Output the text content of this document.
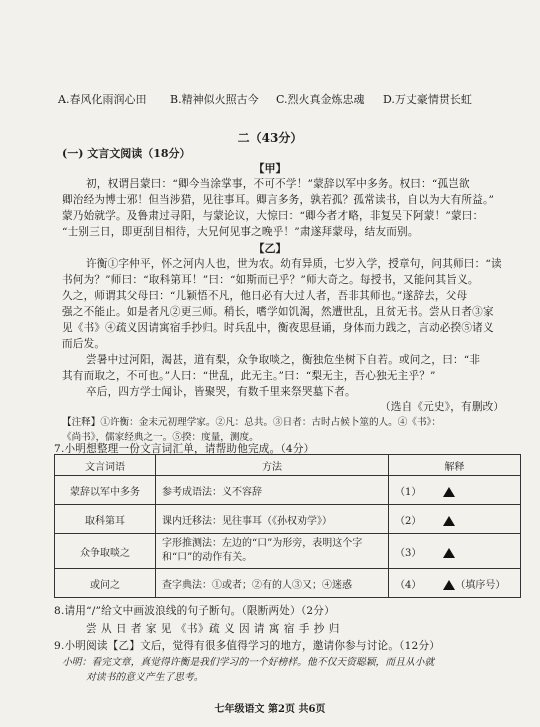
A.春风化雨润心田 B.精神似火照古今 C.烈火真金炼忠魂 D.万丈豪情贯长虹
二（43分）
(一) 文言文阅读（18分）
【甲】
初，权谓吕蒙曰：“卿今当涂掌事，不可不学！”蒙辞以军中多务。权曰：“孤岂欲
卿治经为博士邪！但当涉猎，见往事耳。卿言多务，孰若孤？孤常读书，自以为大有所益。”
蒙乃始就学。及鲁肃过寻阳，与蒙论议，大惊曰：“卿今者才略，非复吴下阿蒙！”蒙曰：
“士别三日，即更刮目相待，大兄何见事之晚乎！”肃遂拜蒙母，结友而别。
【乙】
许衡①字仲平，怀之河内人也，世为农。幼有异质，七岁入学，授章句，问其师曰：“读
书何为？”师曰：“取科第耳！”曰：“如斯而已乎？”师大奇之。每授书，又能问其旨义。
久之，师谓其父母曰：“儿颖悟不凡，他日必有大过人者，吾非其师也。”遂辞去，父母
强之不能止。如是者凡②更三师。稍长，嗜学如饥渴，然遭世乱，且贫无书。尝从日者③家
见《书》④疏义因请寓宿手抄归。时兵乱中，衡夜思昼诵，身体而力践之，言动必揆⑤诸义
而后发。
尝暑中过河阳，渴甚，道有梨，众争取啖之，衡独危坐树下自若。或问之，曰：“非
其有而取之，不可也。”人曰：“世乱，此无主。”曰：“梨无主，吾心独无主乎？”
卒后，四方学士闻讣，皆聚哭，有数千里来祭哭墓下者。
（选自《元史》，有删改）
【注释】①许衡：金末元初理学家。②凡：总共。③日者：古时占候卜筮的人。④《书》：
《尚书》，儒家经典之一。⑤揆：度量，测度。
7.小明想整理一份文言词汇单，请帮助他完成。（4分）
文言词语	方法	解释
蒙辞以军中多务	参考成语法：义不容辞	（1）
取科第耳	课内迁移法：见往事耳（《孙权劝学》）	（2）
众争取啖之	字形推测法：左边的“口”为形旁，表明这个字和“口”的动作有关。	（3）
或问之	查字典法：①或者；②有的人③又；④迷惑	（4） （填序号）
8.请用“/”给文中画波浪线的句子断句。（限断两处）（2分）
尝 从 日 者 家 见 《书》疏 义 因 请 寓 宿 手 抄 归
9.小明阅读【乙】文后，觉得有很多值得学习的地方，邀请你参与讨论。（12分）
小明：看完文章，真觉得许衡是我们学习的一个好榜样。他不仅天资聪颖，而且从小就
对读书的意义产生了思考。
七年级语文 第2页 共6页
